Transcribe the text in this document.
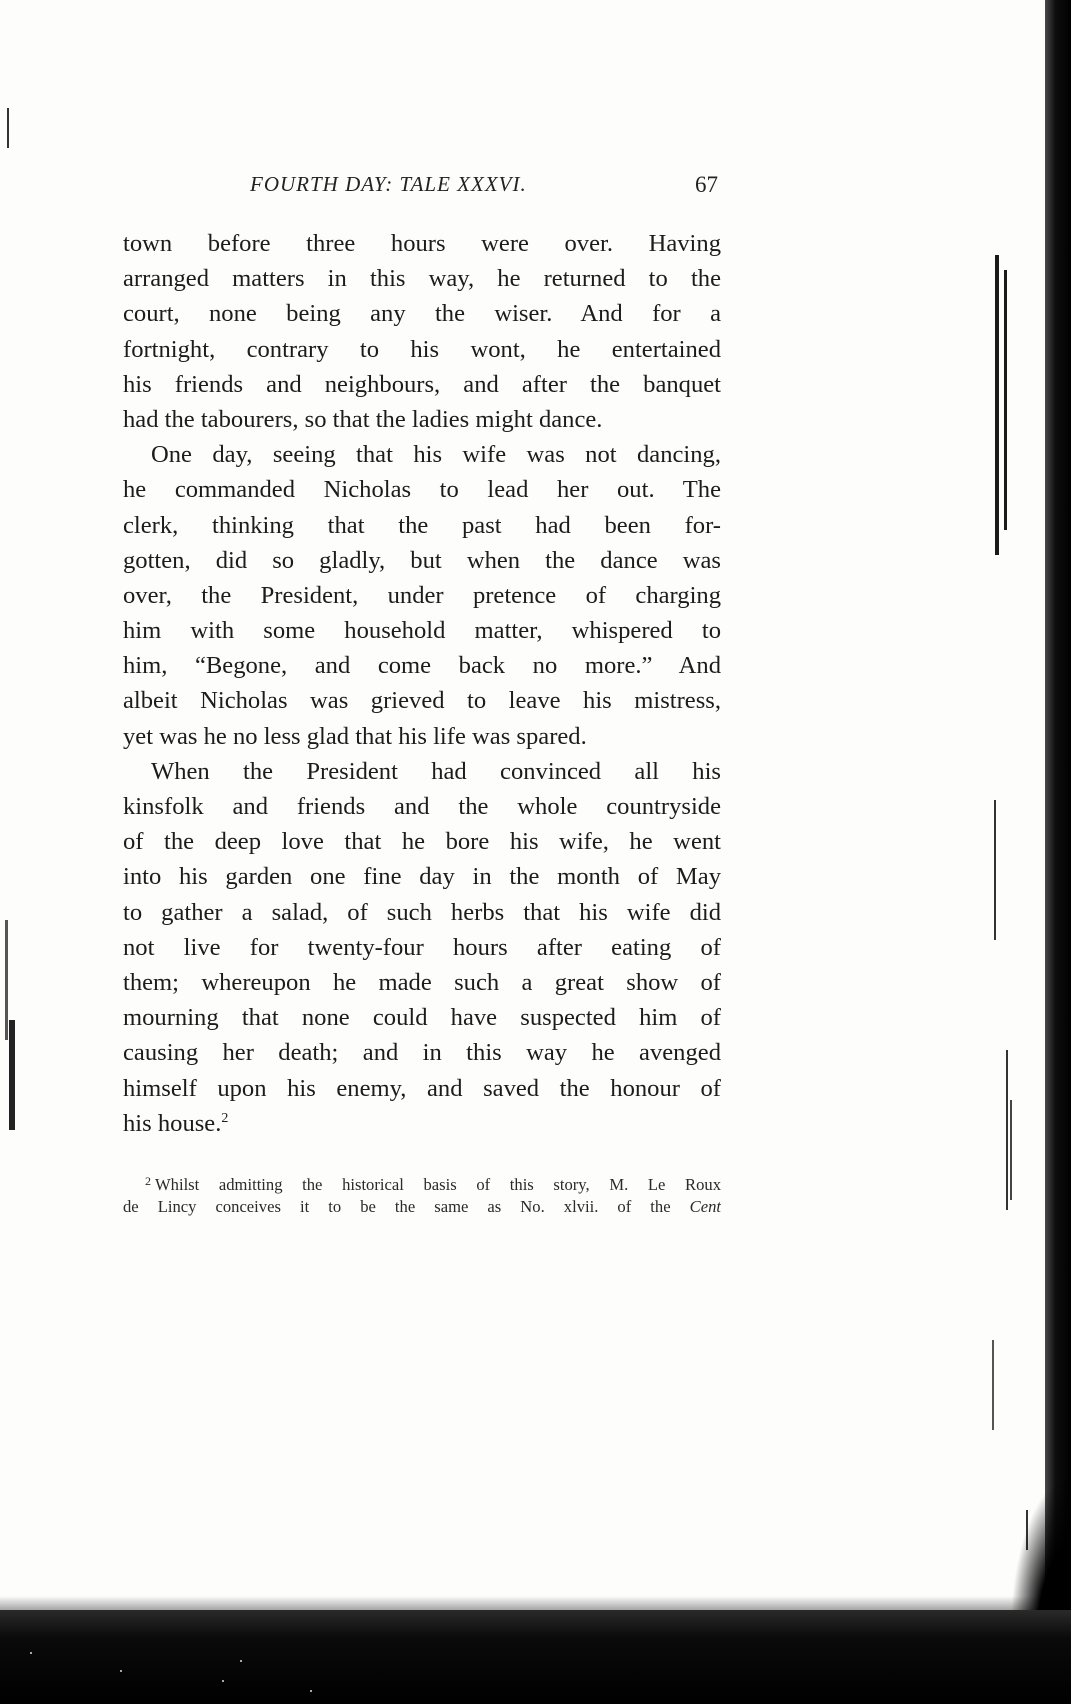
FOURTH DAY: TALE XXXVI.	67
town before three hours were over. Having
arranged matters in this way, he returned to the
court, none being any the wiser. And for a
fortnight, contrary to his wont, he entertained
his friends and neighbours, and after the banquet
had the tabourers, so that the ladies might dance.
One day, seeing that his wife was not dancing,
he commanded Nicholas to lead her out. The
clerk, thinking that the past had been for-
gotten, did so gladly, but when the dance was
over, the President, under pretence of charging
him with some household matter, whispered to
him, “Begone, and come back no more.” And
albeit Nicholas was grieved to leave his mistress,
yet was he no less glad that his life was spared.
When the President had convinced all his
kinsfolk and friends and the whole countryside
of the deep love that he bore his wife, he went
into his garden one fine day in the month of May
to gather a salad, of such herbs that his wife did
not live for twenty-four hours after eating of
them; whereupon he made such a great show of
mourning that none could have suspected him of
causing her death; and in this way he avenged
himself upon his enemy, and saved the honour of
his house.$^2$
$^2$ Whilst admitting the historical basis of this story, M. Le Roux
de Lincy conceives it to be the same as No. xlvii. of the Cent
